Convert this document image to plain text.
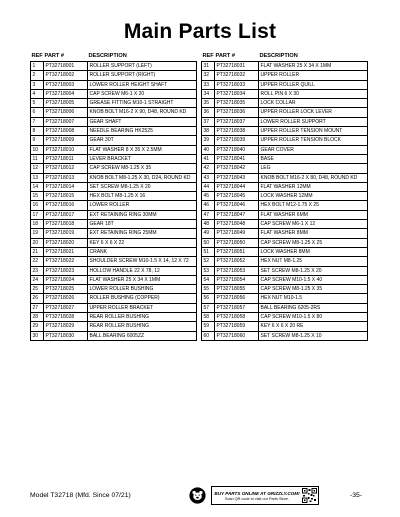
Main Parts List
REF	PART #	DESCRIPTION
1	PT32718001	ROLLER SUPPORT (LEFT)
2	PT32718002	ROLLER SUPPORT (RIGHT)
3	PT32718003	LOWER ROLLER HEIGHT SHAFT
4	PT32718004	CAP SCREW M6-1 X 20
5	PT32718005	GREASE FITTING M10-1 STRAIGHT
6	PT32718006	KNOB BOLT M16-2 X 90, D48, ROUND KD
7	PT32718007	GEAR SHAFT
8	PT32718008	NEEDLE BEARING HK2525
9	PT32718009	GEAR 30T
10	PT32718010	FLAT WASHER 8 X 35 X 2.5MM
11	PT32718011	LEVER BRACKET
12	PT32718012	CAP SCREW M8-1.25 X 35
13	PT32718013	KNOB BOLT M8-1.25 X 30, D24, ROUND KD
14	PT32718014	SET SCREW M8-1.25 X 20
15	PT32718015	HEX BOLT M8-1.25 X 16
16	PT32718016	LOWER ROLLER
17	PT32718017	EXT RETAINING RING 30MM
18	PT32718018	GEAR 18T
19	PT32718019	EXT RETAINING RING 25MM
20	PT32718020	KEY 6 X 6 X 22
21	PT32718021	CRANK
22	PT32718022	SHOULDER SCREW M10-1.5 X 14, 12 X 72
23	PT32718023	HOLLOW HANDLE 22 X 78, 12
24	PT32718024	FLAT WASHER 25 X 34 X 1MM
25	PT32718025	LOWER ROLLER BUSHING
26	PT32718026	ROLLER BUSHING (COPPER)
27	PT32718027	UPPER ROLLER BRACKET
28	PT32718028	REAR ROLLER BUSHING
29	PT32718029	REAR ROLLER BUSHING
30	PT32718030	BALL BEARING 6005ZZ
REF	PART #	DESCRIPTION
31	PT32718031	FLAT WASHER 25 X 34 X 1MM
32	PT32718032	UPPER ROLLER
33	PT32718033	UPPER ROLLER QUILL
34	PT32718034	ROLL PIN 6 X 30
35	PT32718035	LOCK COLLAR
36	PT32718036	UPPER ROLLER LOCK LEVER
37	PT32718037	LOWER ROLLER SUPPORT
38	PT32718038	UPPER ROLLER TENSION MOUNT
39	PT32718039	UPPER ROLLER TENSION BLOCK
40	PT32718040	GEAR COVER
41	PT32718041	BASE
42	PT32718042	LEG
43	PT32718043	KNOB BOLT M16-2 X 80, D48, ROUND KD
44	PT32718044	FLAT WASHER 12MM
45	PT32718045	LOCK WASHER 12MM
46	PT32718046	HEX BOLT M12-1.75 X 25
47	PT32718047	FLAT WASHER 6MM
48	PT32718048	CAP SCREW M6-1 X 12
49	PT32718049	FLAT WASHER 8MM
50	PT32718050	CAP SCREW M8-1.25 X 25
51	PT32718051	LOCK WASHER 8MM
52	PT32718052	HEX NUT M8-1.25
53	PT32718053	SET SCREW M8-1.25 X 20
54	PT32718054	CAP SCREW M10-1.5 X 40
55	PT32718055	CAP SCREW M8-1.25 X 35
56	PT32718056	HEX NUT M10-1.5
57	PT32718057	BALL BEARING 6205-2RS
58	PT32718058	CAP SCREW M10-1.5 X 80
59	PT32718059	KEY 6 X 6 X 20 RE
60	PT32718060	SET SCREW M8-1.25 X 10
Model T32718 (Mfd. Since 07/21)	BUY PARTS ONLINE AT GRIZZLY.COM!
Scan QR code to visit our Parts Store.	-35-
